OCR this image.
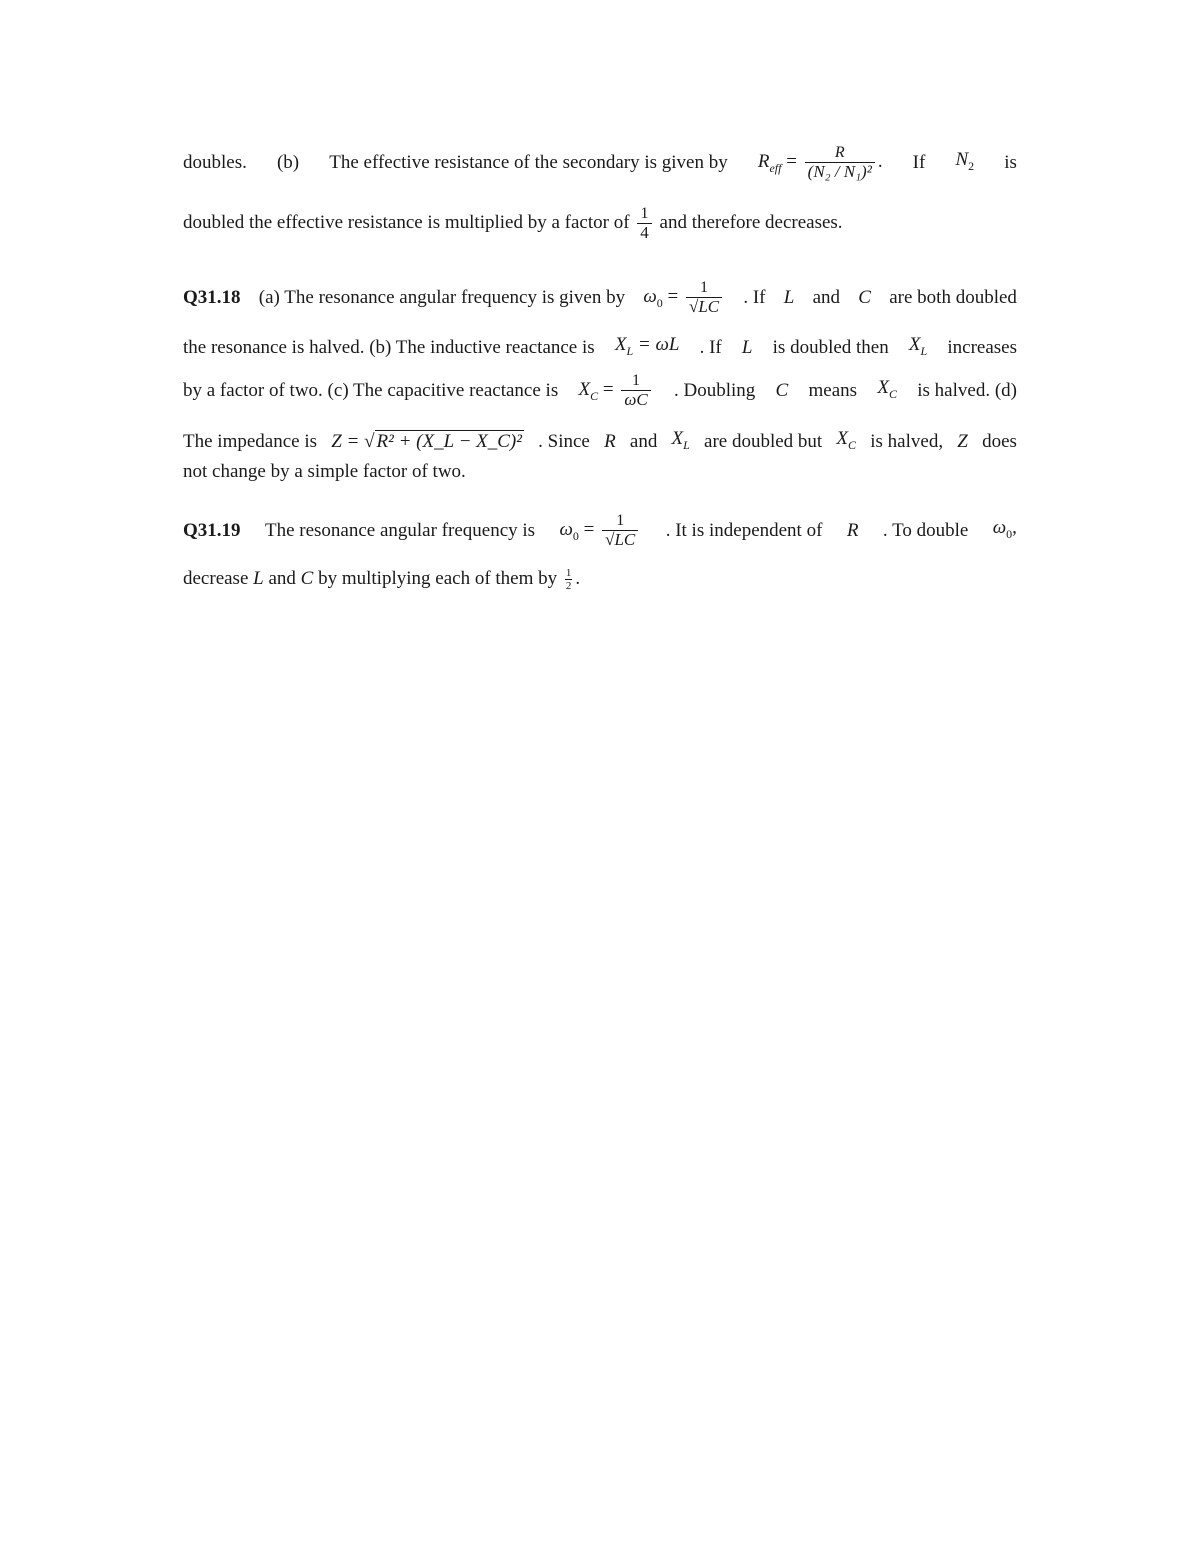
doubles. (b) The effective resistance of the secondary is given by $R_{eff} = \frac{R}{\text{(N₂ / N₁)²}}$ . If $N_2$ is
doubled the effective resistance is multiplied by a factor of $\frac{1}{4}$ and therefore decreases.
Q31.18 (a) The resonance angular frequency is given by $\omega_0 = \frac{1}{√LC}$ . If L and C are both doubled
the resonance is halved. (b) The inductive reactance is $X_L = \omega L$ . If L is doubled then $X_L$ increases
by a factor of two. (c) The capacitive reactance is $X_C = \frac{1}{\omega C}$ . Doubling C means $X_C$ is halved. (d)
The impedance is Z = √ R² + (X_L − X_C)² . Since R and $X_L$ are doubled but $X_C$ is halved, Z does
not change by a simple factor of two.
Q31.19 The resonance angular frequency is $\omega_0 = \frac{1}{√LC}$ . It is independent of R . To double $\omega_0$,
decrease L and C by multiplying each of them by $\frac{1}{2}$ .
